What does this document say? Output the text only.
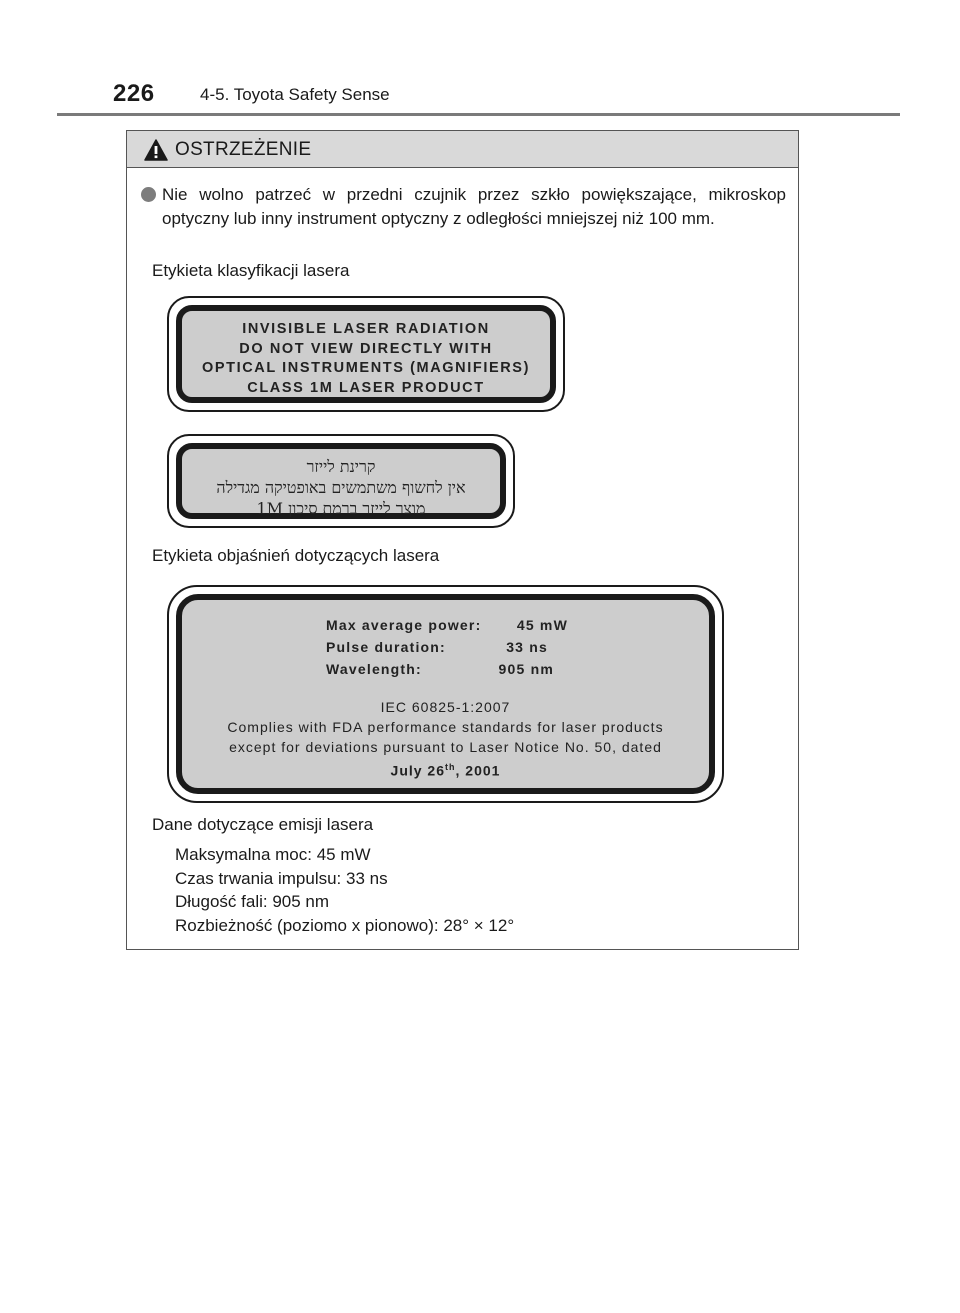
226	4-5. Toyota Safety Sense
OSTRZEŻENIE
Nie wolno patrzeć w przedni czujnik przez szkło powiększające, mikroskop optyczny lub inny instrument optyczny z odległości mniejszej niż 100 mm.
Etykieta klasyfikacji lasera
INVISIBLE LASER RADIATION
DO NOT VIEW DIRECTLY WITH
OPTICAL INSTRUMENTS (MAGNIFIERS)
CLASS 1M LASER PRODUCT
קרינת לייזר
אין לחשוף משתמשים באופטיקה מגדילה
מוצר לייזר ברמת סיכון 1M
Etykieta objaśnień dotyczących lasera
Max average power:	45 mW
Pulse duration:	33 ns
Wavelength:	905 nm
IEC 60825-1:2007
Complies with FDA performance standards for laser products
except for deviations pursuant to Laser Notice No. 50, dated
July 26th, 2001
Dane dotyczące emisji lasera
Maksymalna moc: 45 mW
Czas trwania impulsu: 33 ns
Długość fali: 905 nm
Rozbieżność (poziomo x pionowo): 28° × 12°
